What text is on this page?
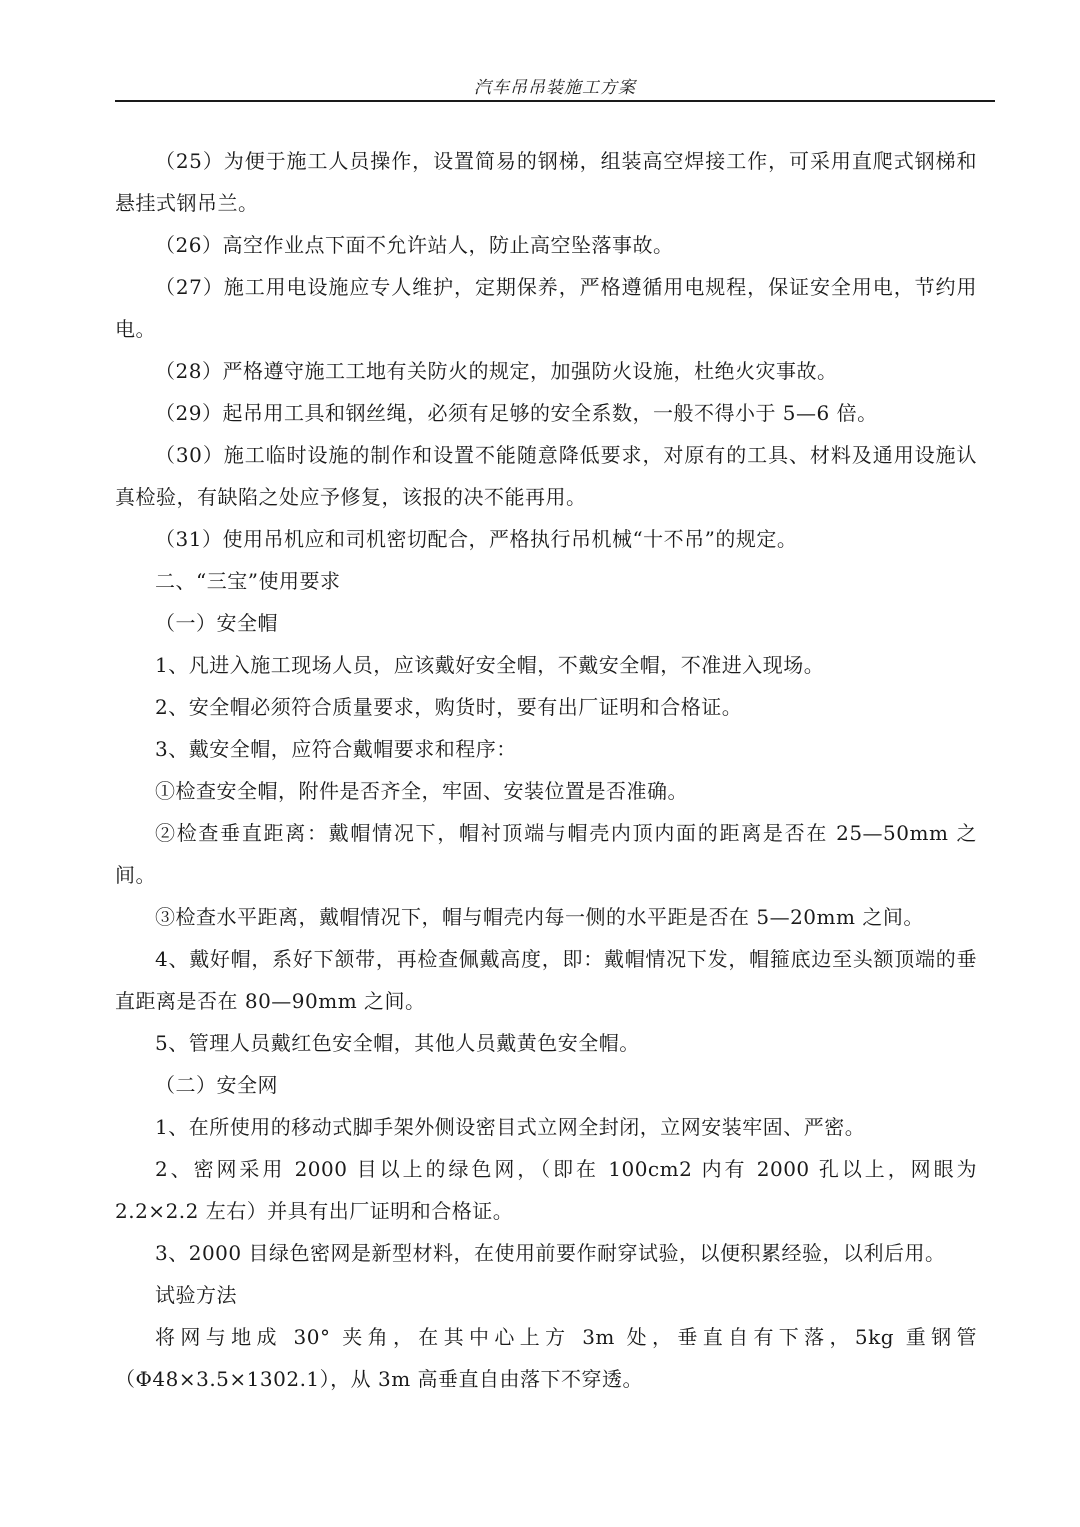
汽车吊吊装施工方案

（25）为便于施工人员操作，设置简易的钢梯，组装高空焊接工作，可采用直爬式钢梯和悬挂式钢吊兰。

（26）高空作业点下面不允许站人，防止高空坠落事故。

（27）施工用电设施应专人维护，定期保养，严格遵循用电规程，保证安全用电，节约用电。

（28）严格遵守施工工地有关防火的规定，加强防火设施，杜绝火灾事故。

（29）起吊用工具和钢丝绳，必须有足够的安全系数，一般不得小于 5—6 倍。

（30）施工临时设施的制作和设置不能随意降低要求，对原有的工具、材料及通用设施认真检验，有缺陷之处应予修复，该报的决不能再用。

（31）使用吊机应和司机密切配合，严格执行吊机械“十不吊”的规定。

二、“三宝”使用要求

（一）安全帽

1、凡进入施工现场人员，应该戴好安全帽，不戴安全帽，不准进入现场。

2、安全帽必须符合质量要求，购货时，要有出厂证明和合格证。

3、戴安全帽，应符合戴帽要求和程序：

①检查安全帽，附件是否齐全，牢固、安装位置是否准确。

②检查垂直距离：戴帽情况下，帽衬顶端与帽壳内顶内面的距离是否在 25—50mm 之间。

③检查水平距离，戴帽情况下，帽与帽壳内每一侧的水平距是否在 5—20mm 之间。

4、戴好帽，系好下颔带，再检查佩戴高度，即：戴帽情况下发，帽箍底边至头额顶端的垂直距离是否在 80—90mm 之间。

5、管理人员戴红色安全帽，其他人员戴黄色安全帽。

（二）安全网

1、在所使用的移动式脚手架外侧设密目式立网全封闭，立网安装牢固、严密。

2、密网采用 2000 目以上的绿色网，（即在 100cm2 内有 2000 孔以上，网眼为 2.2×2.2 左右）并具有出厂证明和合格证。

3、2000 目绿色密网是新型材料，在使用前要作耐穿试验，以便积累经验，以利后用。

试验方法

将网与地成 30° 夹角，在其中心上方 3m 处，垂直自有下落，5kg 重钢管（Φ48×3.5×1302.1），从 3m 高垂直自由落下不穿透。
